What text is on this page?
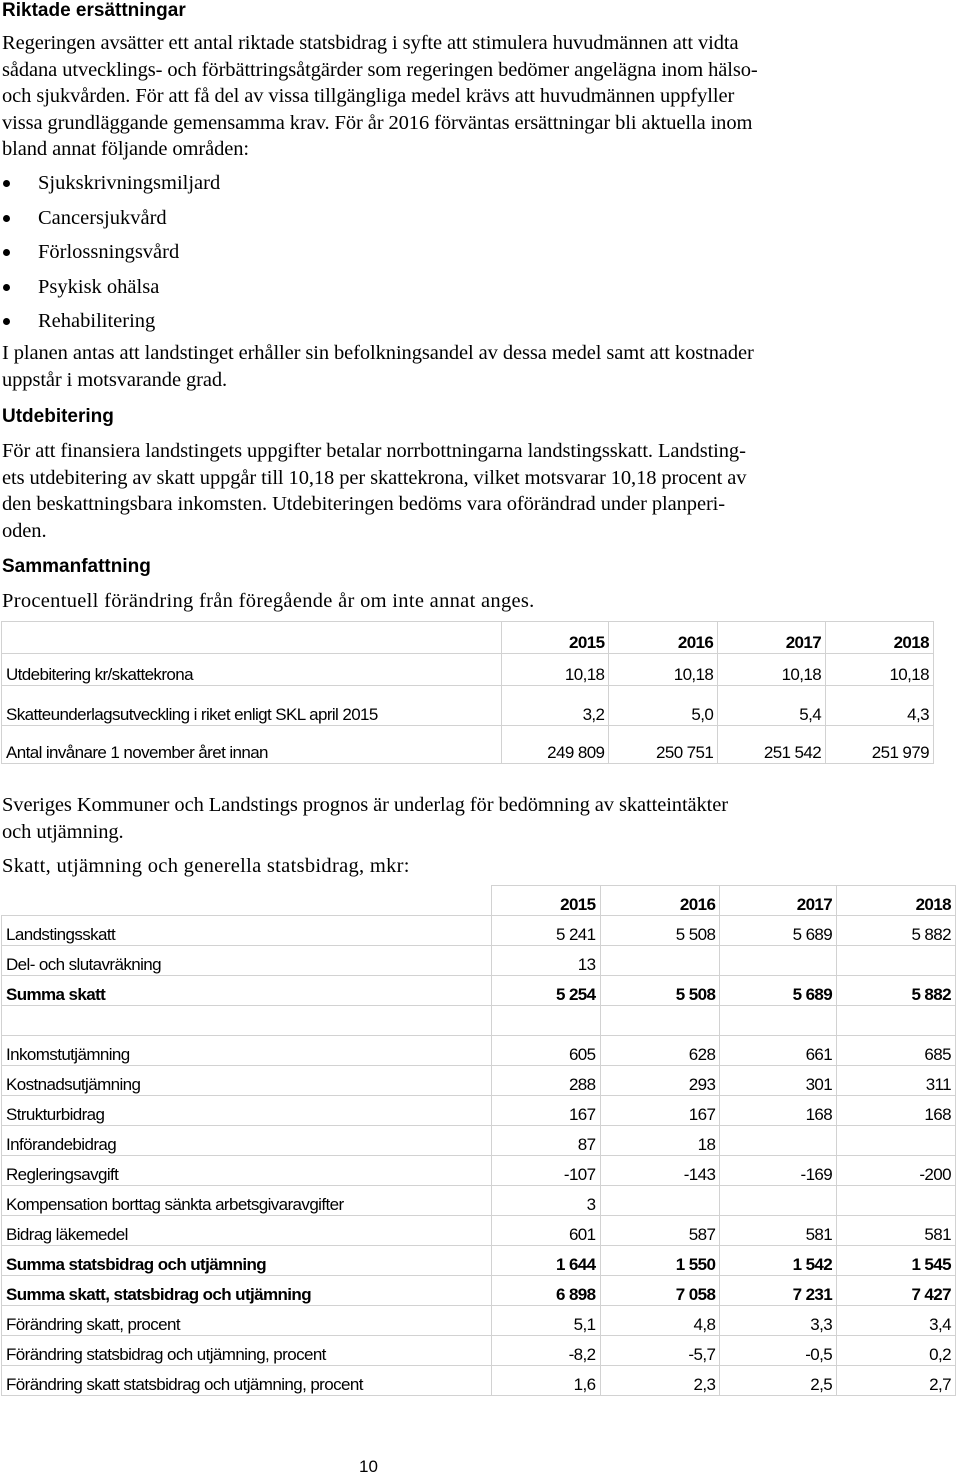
Riktade ersättningar

Regeringen avsätter ett antal riktade statsbidrag i syfte att stimulera huvudmännen att vidta
sådana utvecklings- och förbättringsåtgärder som regeringen bedömer angelägna inom hälso-
och sjukvården. För att få del av vissa tillgängliga medel krävs att huvudmännen uppfyller
vissa grundläggande gemensamma krav. För år 2016 förväntas ersättningar bli aktuella inom
bland annat följande områden:

Sjukskrivningsmiljard
Cancersjukvård
Förlossningsvård
Psykisk ohälsa
Rehabilitering

I planen antas att landstinget erhåller sin befolkningsandel av dessa medel samt att kostnader
uppstår i motsvarande grad.

Utdebitering

För att finansiera landstingets uppgifter betalar norrbottningarna landstingsskatt. Landsting-
ets utdebitering av skatt uppgår till 10,18 per skattekrona, vilket motsvarar 10,18 procent av
den beskattningsbara inkomsten. Utdebiteringen bedöms vara oförändrad under planperi-
oden.

Sammanfattning

Procentuell förändring från föregående år om inte annat anges.

	2015	2016	2017	2018
Utdebitering kr/skattekrona	10,18	10,18	10,18	10,18
Skatteunderlagsutveckling i riket enligt SKL april 2015	3,2	5,0	5,4	4,3
Antal invånare 1 november året innan	249 809	250 751	251 542	251 979

Sveriges Kommuner och Landstings prognos är underlag för bedömning av skatteintäkter
och utjämning.

Skatt, utjämning och generella statsbidrag, mkr:

	2015	2016	2017	2018
Landstingsskatt	5 241	5 508	5 689	5 882
Del- och slutavräkning	13			
Summa skatt	5 254	5 508	5 689	5 882

Inkomstutjämning	605	628	661	685
Kostnadsutjämning	288	293	301	311
Strukturbidrag	167	167	168	168
Införandebidrag	87	18		
Regleringsavgift	-107	-143	-169	-200
Kompensation borttag sänkta arbetsgivaravgifter	3			
Bidrag läkemedel	601	587	581	581
Summa statsbidrag och utjämning	1 644	1 550	1 542	1 545
Summa skatt, statsbidrag och utjämning	6 898	7 058	7 231	7 427
Förändring skatt, procent	5,1	4,8	3,3	3,4
Förändring statsbidrag och utjämning, procent	-8,2	-5,7	-0,5	0,2
Förändring skatt statsbidrag och utjämning, procent	1,6	2,3	2,5	2,7
10
